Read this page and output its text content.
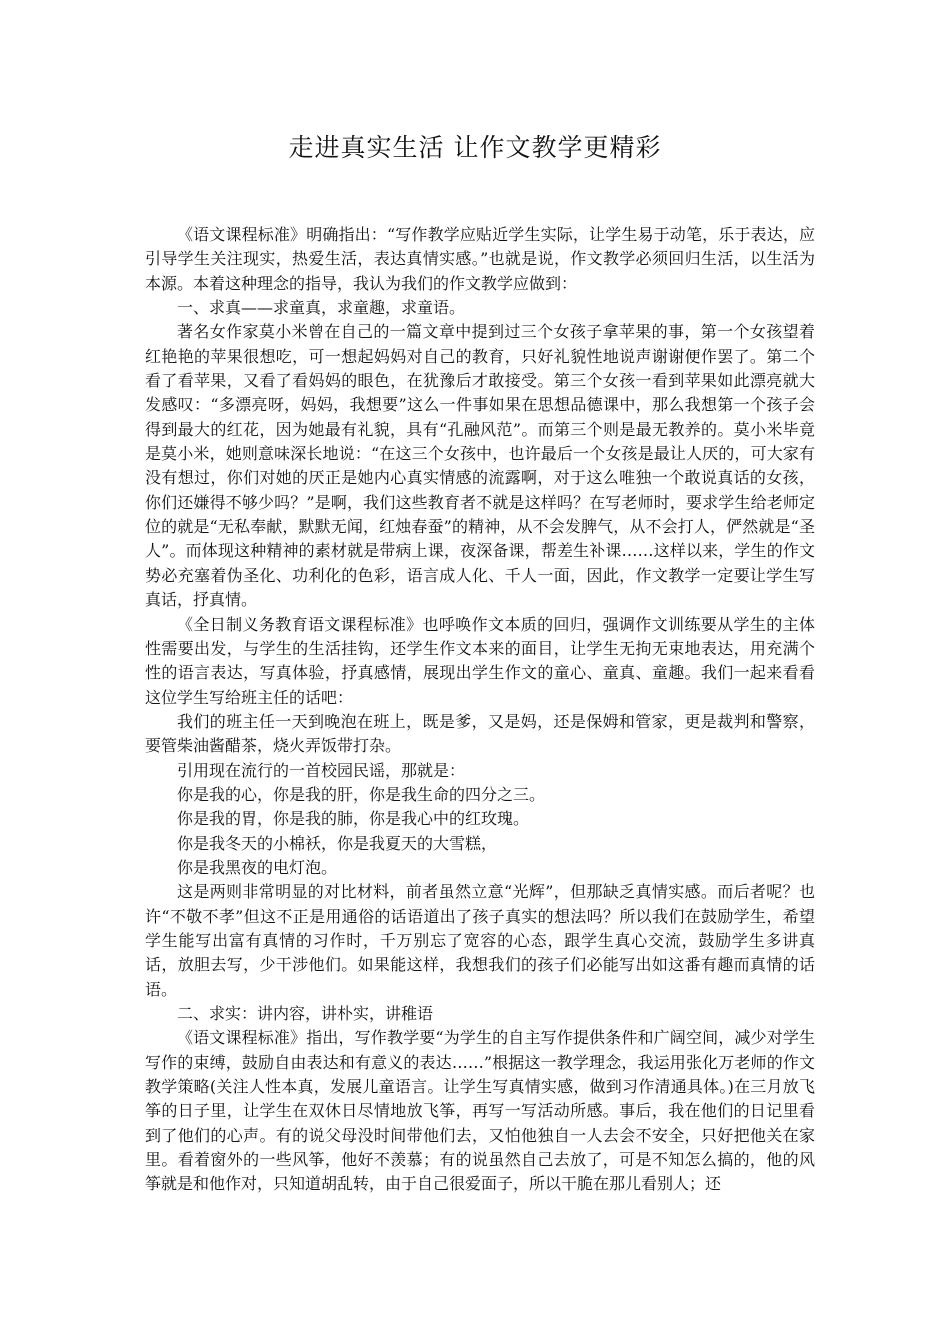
走进真实生活 让作文教学更精彩

《语文课程标准》明确指出：“写作教学应贴近学生实际，让学生易于动笔，乐于表达，应引导学生关注现实，热爱生活，表达真情实感。”也就是说，作文教学必须回归生活，以生活为本源。本着这种理念的指导，我认为我们的作文教学应做到：

一、求真——求童真，求童趣，求童语。

著名女作家莫小米曾在自己的一篇文章中提到过三个女孩子拿苹果的事，第一个女孩望着红艳艳的苹果很想吃，可一想起妈妈对自己的教育，只好礼貌性地说声谢谢便作罢了。第二个看了看苹果，又看了看妈妈的眼色，在犹豫后才敢接受。第三个女孩一看到苹果如此漂亮就大发感叹：“多漂亮呀，妈妈，我想要”这么一件事如果在思想品德课中，那么我想第一个孩子会得到最大的红花，因为她最有礼貌，具有“孔融风范”。而第三个则是最无教养的。莫小米毕竟是莫小米，她则意味深长地说：“在这三个女孩中，也许最后一个女孩是最让人厌的，可大家有没有想过，你们对她的厌正是她内心真实情感的流露啊，对于这么唯独一个敢说真话的女孩，你们还嫌得不够少吗？”是啊，我们这些教育者不就是这样吗？在写老师时，要求学生给老师定位的就是“无私奉献，默默无闻，红烛春蚕”的精神，从不会发脾气，从不会打人，俨然就是“圣人”。而体现这种精神的素材就是带病上课，夜深备课，帮差生补课……这样以来，学生的作文势必充塞着伪圣化、功利化的色彩，语言成人化、千人一面，因此，作文教学一定要让学生写真话，抒真情。

《全日制义务教育语文课程标准》也呼唤作文本质的回归，强调作文训练要从学生的主体性需要出发，与学生的生活挂钩，还学生作文本来的面目，让学生无拘无束地表达，用充满个性的语言表达，写真体验，抒真感情，展现出学生作文的童心、童真、童趣。我们一起来看看这位学生写给班主任的话吧：

我们的班主任一天到晚泡在班上，既是爹，又是妈，还是保姆和管家，更是裁判和警察，要管柴油酱醋茶，烧火弄饭带打杂。

引用现在流行的一首校园民谣，那就是：

你是我的心，你是我的肝，你是我生命的四分之三。

你是我的胃，你是我的肺，你是我心中的红玫瑰。

你是我冬天的小棉袄，你是我夏天的大雪糕，

你是我黑夜的电灯泡。

这是两则非常明显的对比材料，前者虽然立意“光辉”，但那缺乏真情实感。而后者呢？也许“不敬不孝”但这不正是用通俗的话语道出了孩子真实的想法吗？所以我们在鼓励学生，希望学生能写出富有真情的习作时，千万别忘了宽容的心态，跟学生真心交流，鼓励学生多讲真话，放胆去写，少干涉他们。如果能这样，我想我们的孩子们必能写出如这番有趣而真情的话语。

二、求实：讲内容，讲朴实，讲稚语

《语文课程标准》指出，写作教学要“为学生的自主写作提供条件和广阔空间，减少对学生写作的束缚，鼓励自由表达和有意义的表达……”根据这一教学理念，我运用张化万老师的作文教学策略(关注人性本真，发展儿童语言。让学生写真情实感，做到习作清通具体。)在三月放飞筝的日子里，让学生在双休日尽情地放飞筝，再写一写活动所感。事后，我在他们的日记里看到了他们的心声。有的说父母没时间带他们去，又怕他独自一人去会不安全，只好把他关在家里。看着窗外的一些风筝，他好不羡慕；有的说虽然自己去放了，可是不知怎么搞的，他的风筝就是和他作对，只知道胡乱转，由于自己很爱面子，所以干脆在那儿看别人；还
